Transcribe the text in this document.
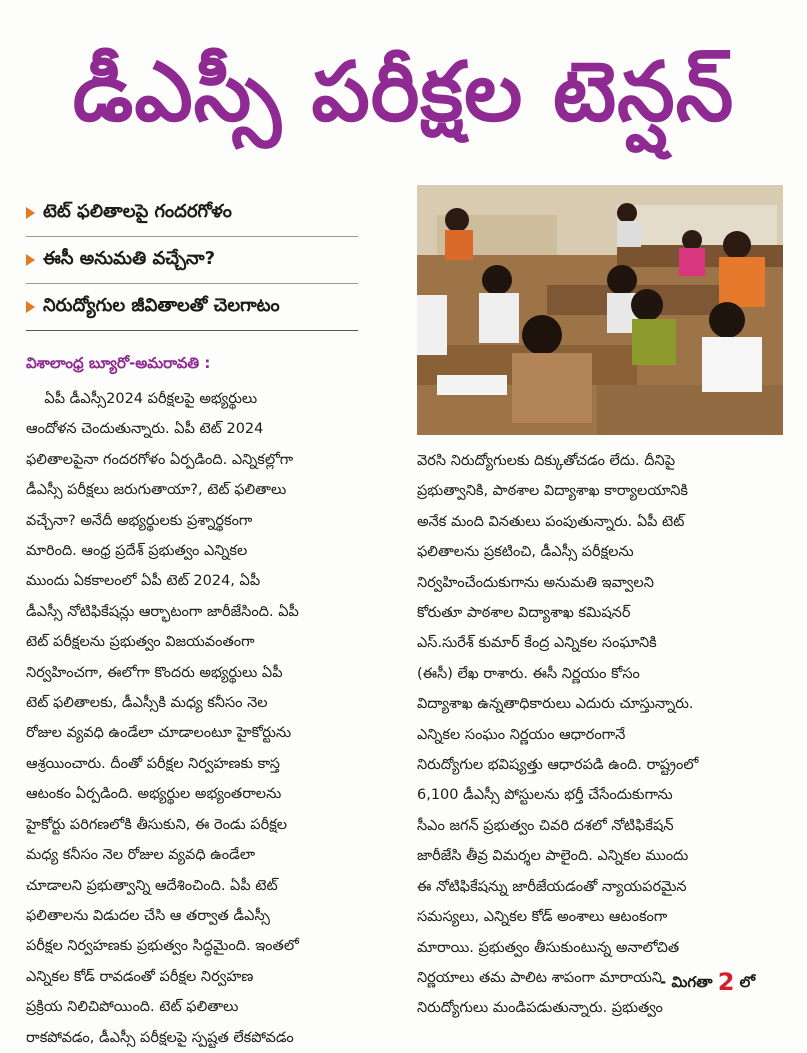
డీఎస్సీ పరీక్షల టెన్షన్
టెట్ ఫలితాలపై గందరగోళం
ఈసీ అనుమతి వచ్చేనా?
నిరుద్యోగుల జీవితాలతో చెలగాటం
విశాలాంధ్ర బ్యూరో-అమరావతి :
ఏపీ డీఎస్సీ2024 పరీక్షలపై అభ్యర్థులు
ఆందోళన చెందుతున్నారు. ఏపీ టెట్ 2024
ఫలితాలపైనా గందరగోళం ఏర్పడింది. ఎన్నికల్లోగా
డీఎస్సీ పరీక్షలు జరుగుతాయా?, టెట్ ఫలితాలు
వచ్చేనా? అనేదీ అభ్యర్థులకు ప్రశ్నార్థకంగా
మారింది. ఆంధ్ర ప్రదేశ్ ప్రభుత్వం ఎన్నికల
ముందు ఏకకాలంలో ఏపీ టెట్ 2024, ఏపీ
డీఎస్సీ నోటిఫికేషన్లు ఆర్భాటంగా జారీజేసింది. ఏపీ
టెట్ పరీక్షలను ప్రభుత్వం విజయవంతంగా
నిర్వహించగా, ఈలోగా కొందరు అభ్యర్థులు ఏపీ
టెట్ ఫలితాలకు, డీఎస్సీకి మధ్య కనీసం నెల
రోజుల వ్యవధి ఉండేలా చూడాలంటూ హైకోర్టును
ఆశ్రయించారు. దీంతో పరీక్షల నిర్వహణకు కాస్త
ఆటంకం ఏర్పడింది. అభ్యర్థుల అభ్యంతరాలను
హైకోర్టు పరిగణలోకి తీసుకుని, ఈ రెండు పరీక్షల
మధ్య కనీసం నెల రోజుల వ్యవధి ఉండేలా
చూడాలని ప్రభుత్వాన్ని ఆదేశించింది. ఏపీ టెట్
ఫలితాలను విడుదల చేసి ఆ తర్వాత డీఎస్సీ
పరీక్షల నిర్వహణకు ప్రభుత్వం సిద్ధమైంది. ఇంతలో
ఎన్నికల కోడ్ రావడంతో పరీక్షల నిర్వహణ
ప్రక్రియ నిలిచిపోయింది. టెట్ ఫలితాలు
రాకపోవడం, డీఎస్సీ పరీక్షలపై స్పష్టత లేకపోవడం
వెరసి నిరుద్యోగులకు దిక్కుతోచడం లేదు. దీనిపై
ప్రభుత్వానికి, పాఠశాల విద్యాశాఖ కార్యాలయానికి
అనేక మంది వినతులు పంపుతున్నారు. ఏపీ టెట్
ఫలితాలను ప్రకటించి, డీఎస్సీ పరీక్షలను
నిర్వహించేందుకుగాను అనుమతి ఇవ్వాలని
కోరుతూ పాఠశాల విద్యాశాఖ కమిషనర్
ఎస్.సురేశ్ కుమార్ కేంద్ర ఎన్నికల సంఘానికి
(ఈసీ) లేఖ రాశారు. ఈసీ నిర్ణయం కోసం
విద్యాశాఖ ఉన్నతాధికారులు ఎదురు చూస్తున్నారు.
ఎన్నికల సంఘం నిర్ణయం ఆధారంగానే
నిరుద్యోగుల భవిష్యత్తు ఆధారపడి ఉంది. రాష్ట్రంలో
6,100 డీఎస్సీ పోస్టులను భర్తీ చేసేందుకుగాను
సీఎం జగన్ ప్రభుత్వం చివరి దశలో నోటిఫికేషన్
జారీజేసి తీవ్ర విమర్శల పాలైంది. ఎన్నికల ముందు
ఈ నోటిఫికేషన్ను జారీజేయడంతో న్యాయపరమైన
సమస్యలు, ఎన్నికల కోడ్ అంశాలు ఆటంకంగా
మారాయి. ప్రభుత్వం తీసుకుంటున్న అనాలోచిత
నిర్ణయాలు తమ పాలిట శాపంగా మారాయని
నిరుద్యోగులు మండిపడుతున్నారు. ప్రభుత్వం
- మిగతా 2 లో
